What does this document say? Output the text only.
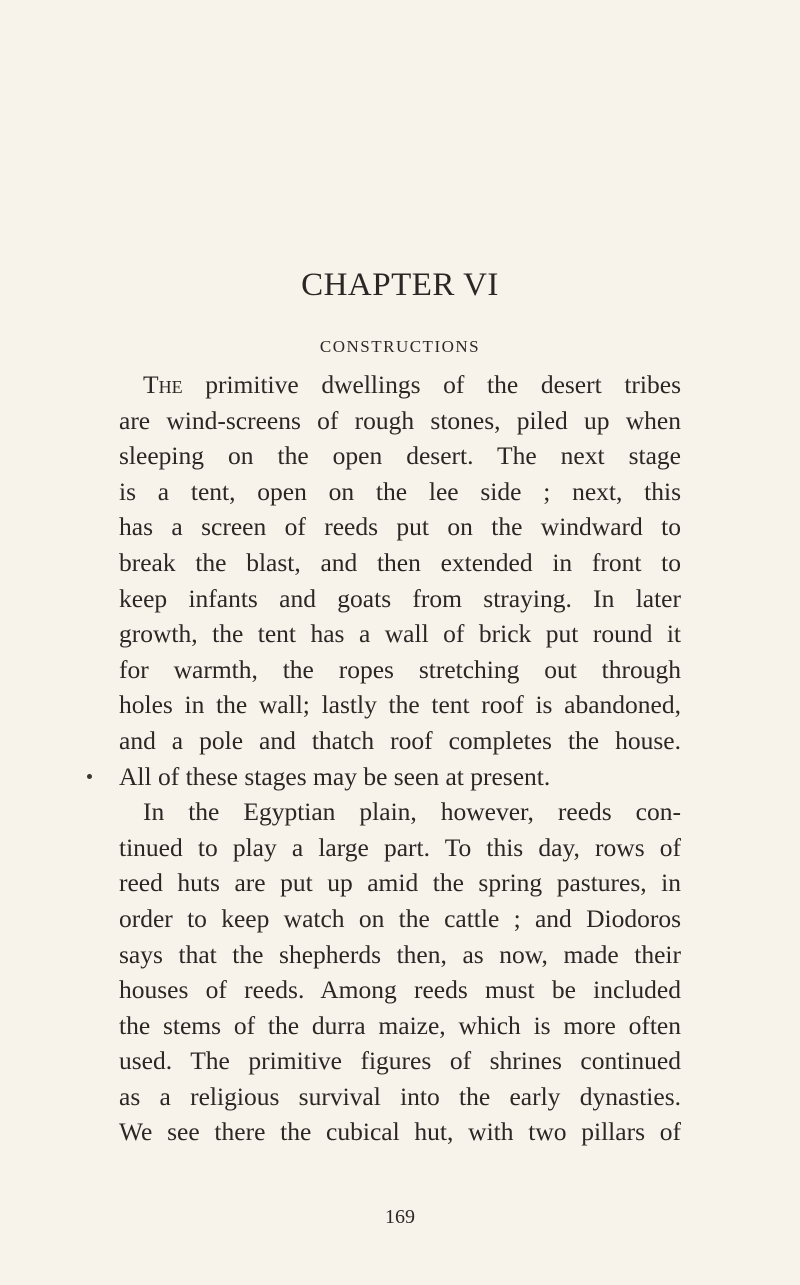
CHAPTER VI
CONSTRUCTIONS
The primitive dwellings of the desert tribes
are wind-screens of rough stones, piled up when
sleeping on the open desert. The next stage
is a tent, open on the lee side ; next, this
has a screen of reeds put on the windward to
break the blast, and then extended in front to
keep infants and goats from straying. In later
growth, the tent has a wall of brick put round it
for warmth, the ropes stretching out through
holes in the wall; lastly the tent roof is abandoned,
and a pole and thatch roof completes the house.
All of these stages may be seen at present.
In the Egyptian plain, however, reeds con-
tinued to play a large part. To this day, rows of
reed huts are put up amid the spring pastures, in
order to keep watch on the cattle ; and Diodoros
says that the shepherds then, as now, made their
houses of reeds. Among reeds must be included
the stems of the durra maize, which is more often
used. The primitive figures of shrines continued
as a religious survival into the early dynasties.
We see there the cubical hut, with two pillars of
169
